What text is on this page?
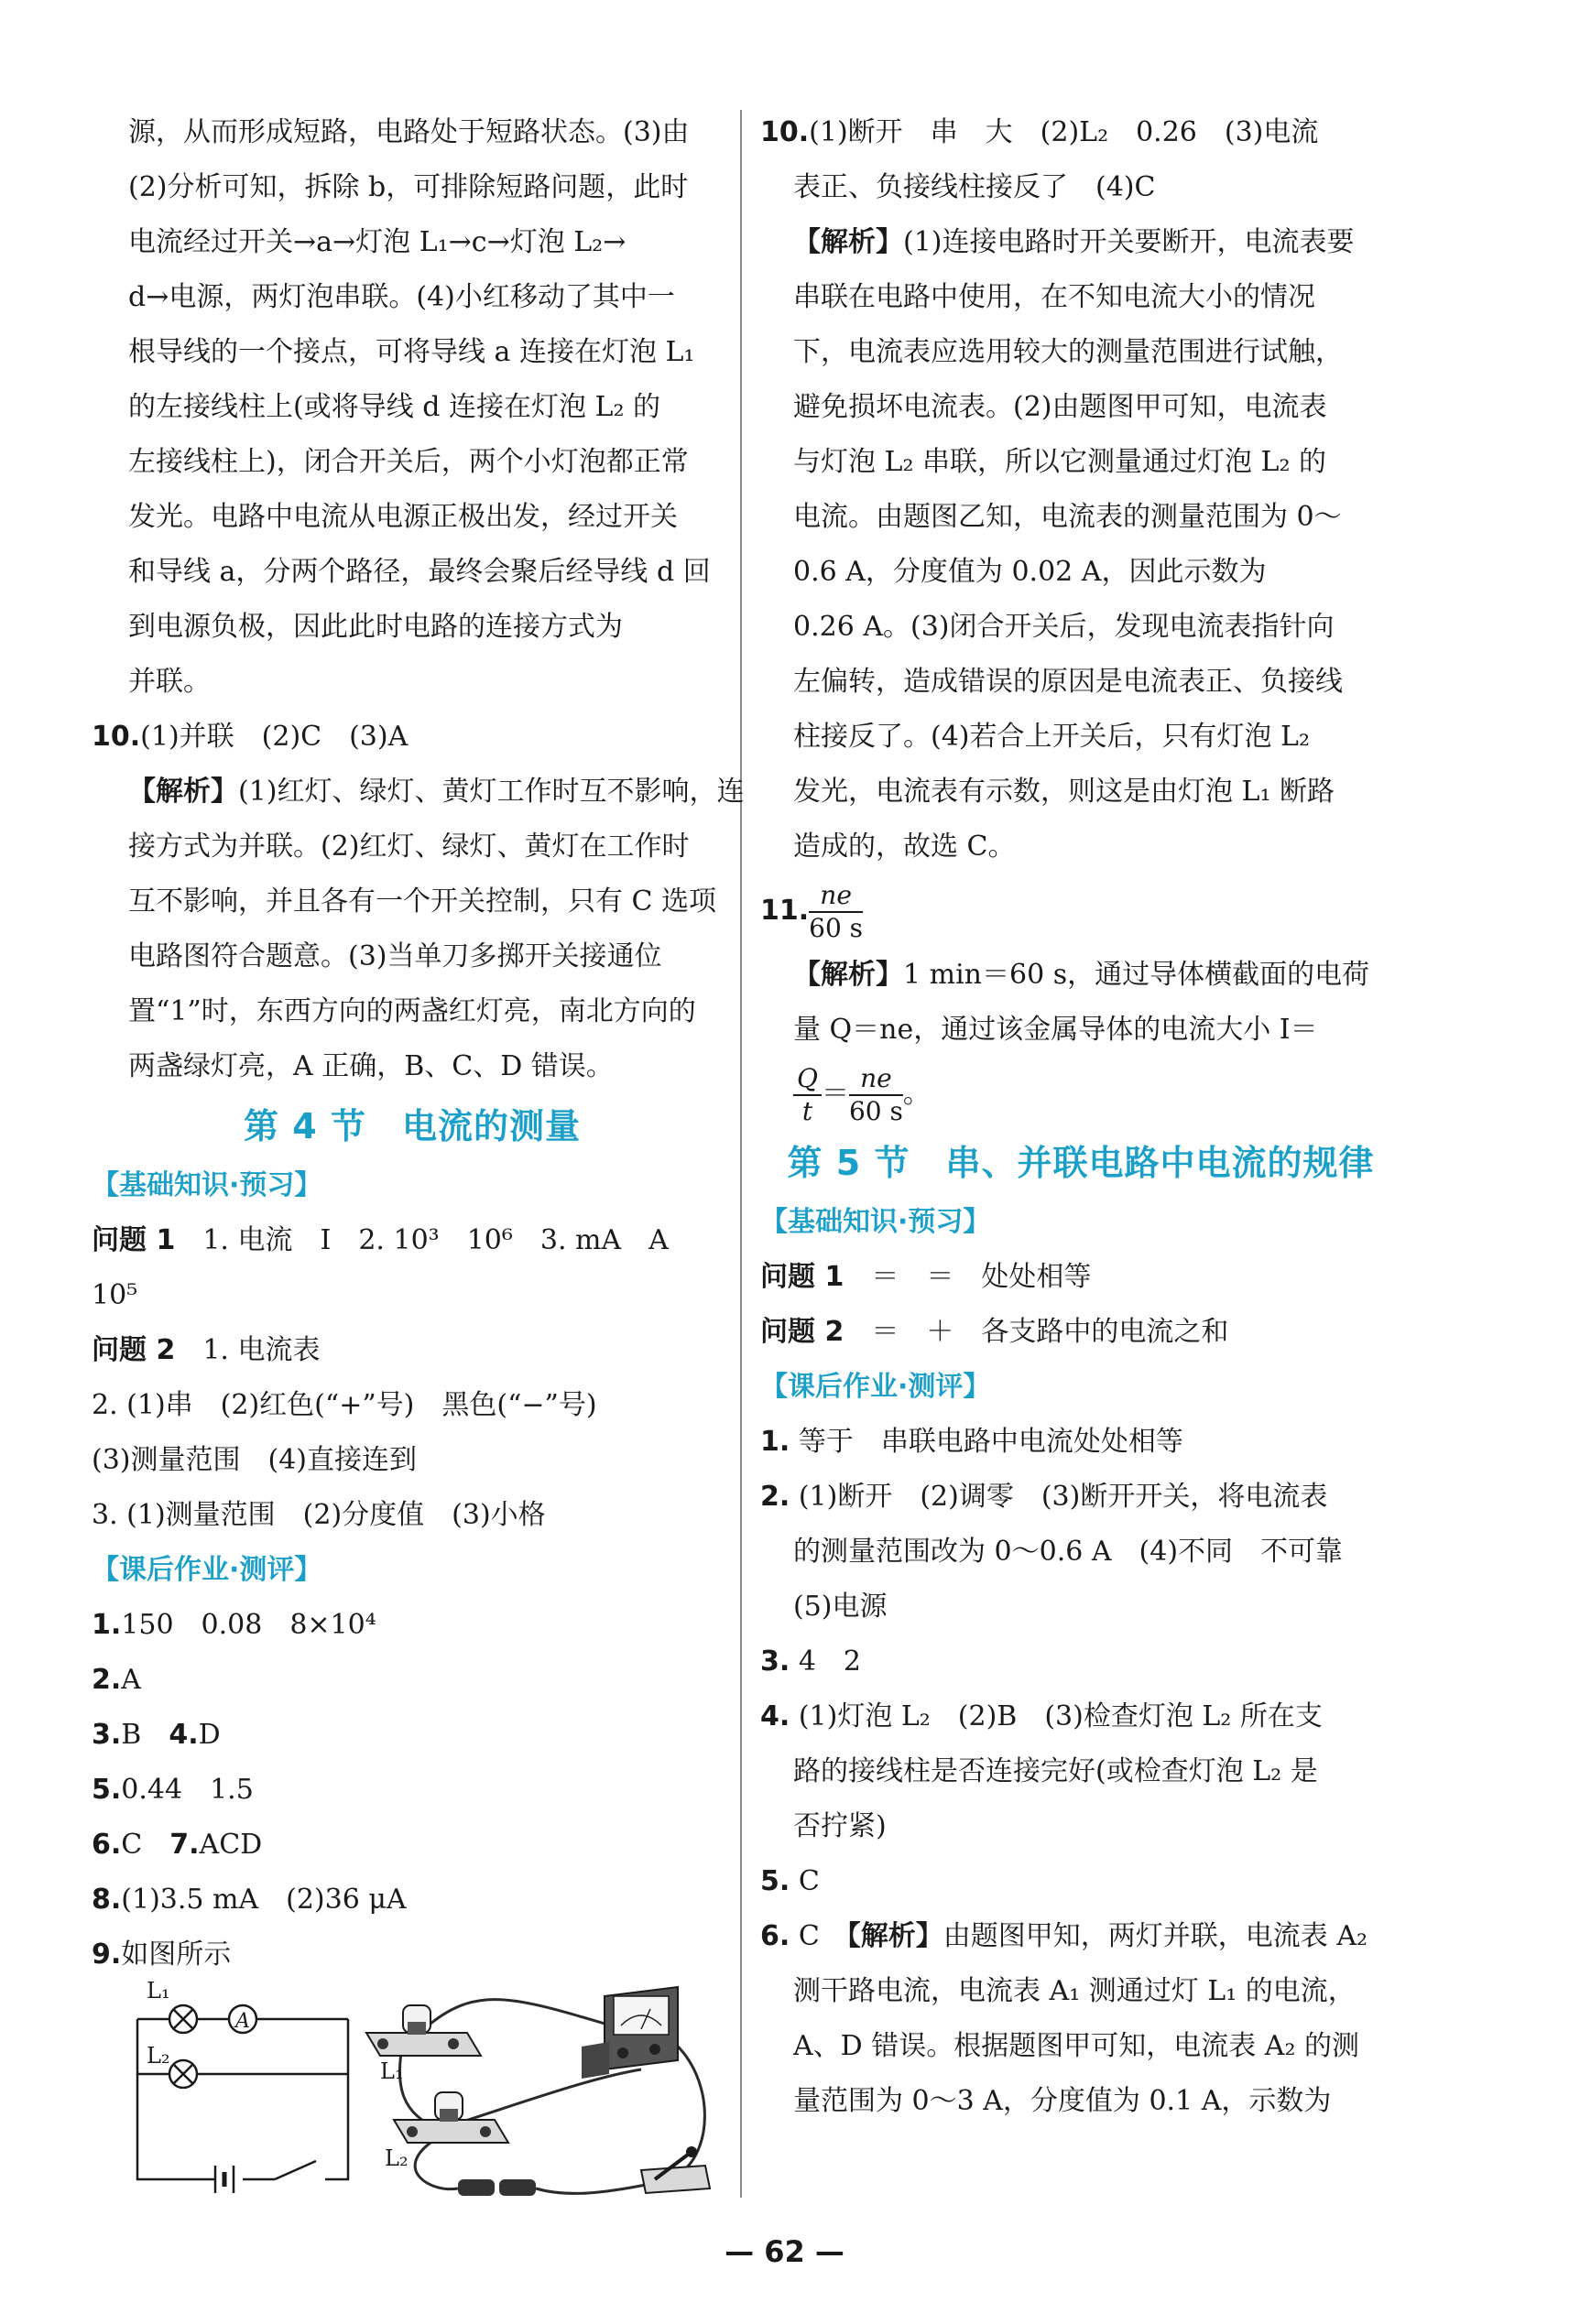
源，从而形成短路，电路处于短路状态。(3)由
(2)分析可知，拆除 b，可排除短路问题，此时
电流经过开关→a→灯泡 L₁→c→灯泡 L₂→
d→电源，两灯泡串联。(4)小红移动了其中一
根导线的一个接点，可将导线 a 连接在灯泡 L₁
的左接线柱上(或将导线 d 连接在灯泡 L₂ 的
左接线柱上)，闭合开关后，两个小灯泡都正常
发光。电路中电流从电源正极出发，经过开关
和导线 a，分两个路径，最终会聚后经导线 d 回
到电源负极，因此此时电路的连接方式为
并联。
10.(1)并联　(2)C　(3)A
【解析】(1)红灯、绿灯、黄灯工作时互不影响，连
接方式为并联。(2)红灯、绿灯、黄灯在工作时
互不影响，并且各有一个开关控制，只有 C 选项
电路图符合题意。(3)当单刀多掷开关接通位
置“1”时，东西方向的两盏红灯亮，南北方向的
两盏绿灯亮，A 正确，B、C、D 错误。
第 4 节　电流的测量
【基础知识·预习】
问题 1　 1. 电流　I　2. 10³　10⁶　3. mA　A
10⁵
问题 2　 1. 电流表
2. (1)串　(2)红色(“+”号)　黑色(“−”号)
(3)测量范围　(4)直接连到
3. (1)测量范围　(2)分度值　(3)小格
【课后作业·测评】
1.150　0.08　8×10⁴
2.A
3.B　4.D
5.0.44　1.5
6.C　7.ACD
8.(1)3.5 mA　(2)36 μA
9.如图所示
A
L₁
L₂
L₁
L₂
10.(1)断开　串　大　(2)L₂　0.26　(3)电流
表正、负接线柱接反了　(4)C
【解析】(1)连接电路时开关要断开，电流表要
串联在电路中使用，在不知电流大小的情况
下，电流表应选用较大的测量范围进行试触，
避免损坏电流表。(2)由题图甲可知，电流表
与灯泡 L₂ 串联，所以它测量通过灯泡 L₂ 的
电流。由题图乙知，电流表的测量范围为 0～
0.6 A，分度值为 0.02 A，因此示数为
0.26 A。(3)闭合开关后，发现电流表指针向
左偏转，造成错误的原因是电流表正、负接线
柱接反了。(4)若合上开关后，只有灯泡 L₂
发光，电流表有示数，则这是由灯泡 L₁ 断路
造成的，故选 C。
11. $\frac{ne}{60 s}$
【解析】1 min＝60 s，通过导体横截面的电荷
量 Q＝ne，通过该金属导体的电流大小 I＝
$\frac{Q}{t} = \frac{ne}{60 s}$ 。
第 5 节　串、并联电路中电流的规律
【基础知识·预习】
问题 1　 ＝　＝　处处相等
问题 2　 ＝　＋　各支路中的电流之和
【课后作业·测评】
1. 等于　串联电路中电流处处相等
2. (1)断开　(2)调零　(3)断开开关，将电流表
的测量范围改为 0～0.6 A　(4)不同　不可靠
(5)电源
3. 4　2
4. (1)灯泡 L₂　(2)B　(3)检查灯泡 L₂ 所在支
路的接线柱是否连接完好(或检查灯泡 L₂ 是
否拧紧)
5. C
6. C　【解析】由题图甲知，两灯并联，电流表 A₂
测干路电流，电流表 A₁ 测通过灯 L₁ 的电流，
A、D 错误。根据题图甲可知，电流表 A₂ 的测
量范围为 0～3 A，分度值为 0.1 A，示数为
— 62 —
